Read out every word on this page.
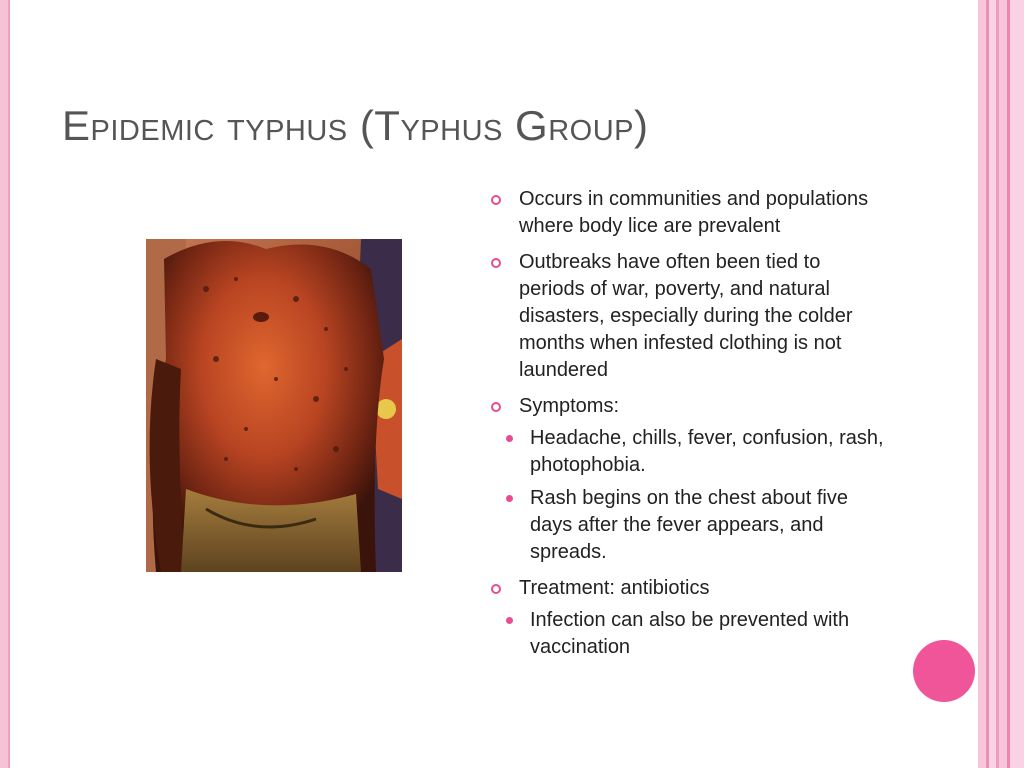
Epidemic typhus (Typhus Group)
Occurs in communities and populations where body lice are prevalent
Outbreaks have often been tied to periods of war, poverty, and natural disasters, especially during the colder months when infested clothing is not laundered
Symptoms:
Headache, chills, fever, confusion, rash, photophobia.
Rash begins on the chest about five days after the fever appears, and spreads.
Treatment: antibiotics
Infection can also be prevented with vaccination
